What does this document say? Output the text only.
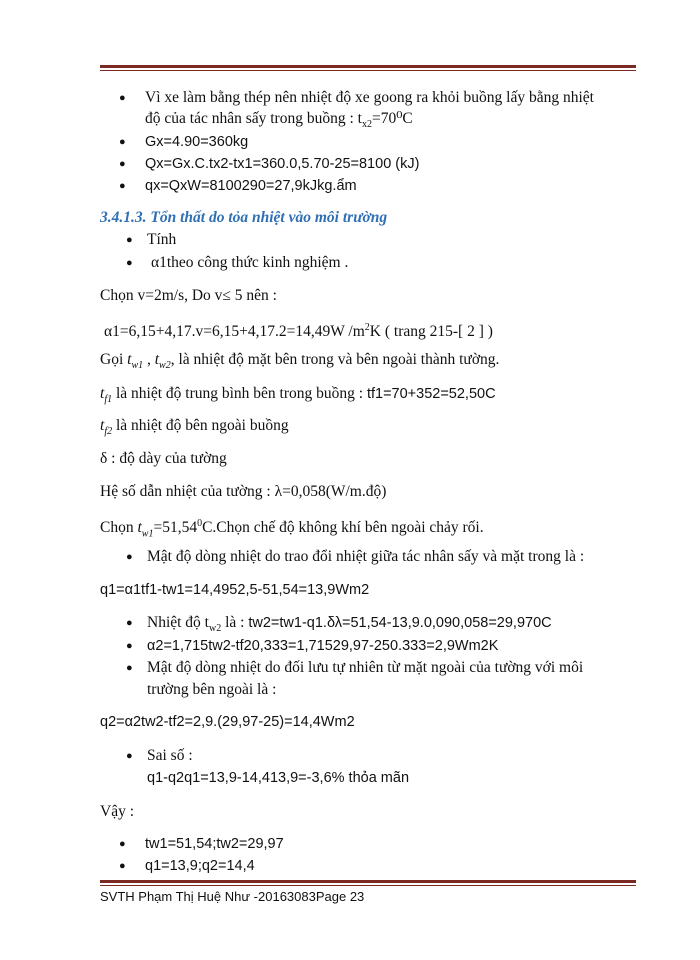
● Vì xe làm bằng thép nên nhiệt độ xe goong ra khỏi buồng lấy bằng nhiệt
độ của tác nhân sấy trong buồng : $t_{x2}=70^0C$
● Gx=4.90=360kg
● Qx=Gx.C.tx2-tx1=360.0,5.70-25=8100 (kJ)
● qx=QxW=8100290=27,9kJkg.ẩm
3.4.1.3. Tổn thất do tỏa nhiệt vào môi trường
● Tính
● α1theo công thức kinh nghiệm .
Chọn v=2m/s, Do v≤ 5 nên :
α1=6,15+4,17.v=6,15+4,17.2=14,49W $/m^2K$ ( trang 215-[ 2 ] )
Gọi $t_{w1}$ , $t_{w2}$, là nhiệt độ mặt bên trong và bên ngoài thành tường.
$t_{f1}$ là nhiệt độ trung bình bên trong buồng : tf1=70+352=52,50C
$t_{f2}$ là nhiệt độ bên ngoài buồng
δ : độ dày của tường
Hệ số dẫn nhiệt của tường : λ=0,058(W/m.độ)
Chọn $t_{w1}=51,54^0C.Chọn$ chế độ không khí bên ngoài chảy rối.
● Mật độ dòng nhiệt do trao đổi nhiệt giữa tác nhân sấy và mặt trong là :
q1=α1tf1-tw1=14,4952,5-51,54=13,9Wm2
● Nhiệt độ $t_{w2}$ là : tw2=tw1-q1.δλ=51,54-13,9.0,090,058=29,970C
● α2=1,715tw2-tf20,333=1,71529,97-250.333=2,9Wm2K
● Mật độ dòng nhiệt do đối lưu tự nhiên từ mặt ngoài của tường với môi
trường bên ngoài là :
q2=α2tw2-tf2=2,9.(29,97-25)=14,4Wm2
● Sai số :
q1-q2q1=13,9-14,413,9=-3,6% thỏa mãn
Vậy :
● tw1=51,54;tw2=29,97
● q1=13,9;q2=14,4
SVTH Phạm Thị Huệ Như -20163083Page 23
